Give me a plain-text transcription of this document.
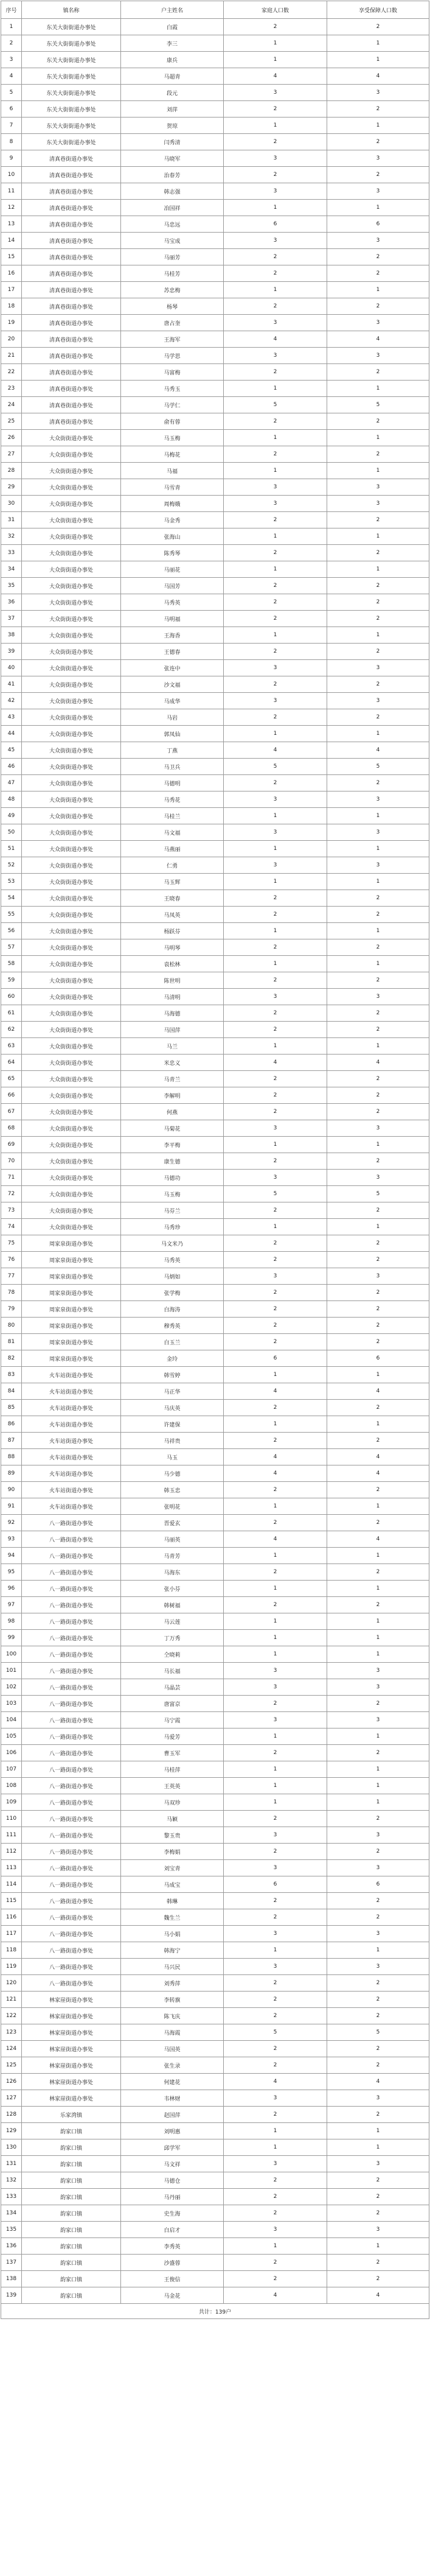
序号	镇名称	户主姓名	家庭人口数	享受保障人口数
1	东关大街街道办事处	白霞	2	2
2	东关大街街道办事处	李三	1	1
3	东关大街街道办事处	康兵	1	1
4	东关大街街道办事处	马超青	4	4
5	东关大街街道办事处	段元	3	3
6	东关大街街道办事处	刘萍	2	2
7	东关大街街道办事处	贺琼	1	1
8	东关大街街道办事处	闫秀清	2	2
9	清真巷街道办事处	马晓军	3	3
10	清真巷街道办事处	治春芳	2	2
11	清真巷街道办事处	韩志强	3	3
12	清真巷街道办事处	冶国祥	1	1
13	清真巷街道办事处	马忠远	6	6
14	清真巷街道办事处	马宝成	3	3
15	清真巷街道办事处	马丽芳	2	2
16	清真巷街道办事处	马桂芳	2	2
17	清真巷街道办事处	苏忠梅	1	1
18	清真巷街道办事处	杨琴	2	2
19	清真巷街道办事处	唐占奎	3	3
20	清真巷街道办事处	王海军	4	4
21	清真巷街道办事处	马学思	3	3
22	清真巷街道办事处	马富梅	2	2
23	清真巷街道办事处	马秀玉	1	1
24	清真巷街道办事处	马学仁	5	5
25	清真巷街道办事处	俞有蓉	2	2
26	大众街街道办事处	马玉梅	1	1
27	大众街街道办事处	马梅花	2	2
28	大众街街道办事处	马福	1	1
29	大众街街道办事处	马雪青	3	3
30	大众街街道办事处	周梅娥	3	3
31	大众街街道办事处	马金秀	2	2
32	大众街街道办事处	张海山	1	1
33	大众街街道办事处	陈秀琴	2	2
34	大众街街道办事处	马丽花	1	1
35	大众街街道办事处	马国芳	2	2
36	大众街街道办事处	马秀英	2	2
37	大众街街道办事处	马明福	2	2
38	大众街街道办事处	王海香	1	1
39	大众街街道办事处	王德春	2	2
40	大众街街道办事处	张连中	3	3
41	大众街街道办事处	沙文福	2	2
42	大众街街道办事处	马成华	3	3
43	大众街街道办事处	马岩	2	2
44	大众街街道办事处	郭凤仙	1	1
45	大众街街道办事处	丁燕	4	4
46	大众街街道办事处	马卫兵	5	5
47	大众街街道办事处	马德明	2	2
48	大众街街道办事处	马秀花	3	3
49	大众街街道办事处	马桂兰	1	1
50	大众街街道办事处	马文福	3	3
51	大众街街道办事处	马燕丽	1	1
52	大众街街道办事处	仁勇	3	3
53	大众街街道办事处	马玉辉	1	1
54	大众街街道办事处	王晓春	2	2
55	大众街街道办事处	马凤英	2	2
56	大众街街道办事处	杨跃芬	1	1
57	大众街街道办事处	马明琴	2	2
58	大众街街道办事处	袁松林	1	1
59	大众街街道办事处	陈世明	2	2
60	大众街街道办事处	马清明	3	3
61	大众街街道办事处	马海德	2	2
62	大众街街道办事处	马国萍	2	2
63	大众街街道办事处	马兰	1	1
64	大众街街道办事处	米忠义	4	4
65	大众街街道办事处	马青兰	2	2
66	大众街街道办事处	李解明	2	2
67	大众街街道办事处	何燕	2	2
68	大众街街道办事处	马菊花	3	3
69	大众街街道办事处	李平梅	1	1
70	大众街街道办事处	康生德	2	2
71	大众街街道办事处	马德功	3	3
72	大众街街道办事处	马玉梅	5	5
73	大众街街道办事处	马芬兰	2	2
74	大众街街道办事处	马秀珍	1	1
75	周家泉街道办事处	马文米乃	2	2
76	周家泉街道办事处	马秀英	2	2
77	周家泉街道办事处	马炳如	3	3
78	周家泉街道办事处	张学梅	2	2
79	周家泉街道办事处	白海涛	2	2
80	周家泉街道办事处	穆秀英	2	2
81	周家泉街道办事处	白玉兰	2	2
82	周家泉街道办事处	金玲	6	6
83	火车站街道办事处	韩雪婷	1	1
84	火车站街道办事处	马正华	4	4
85	火车站街道办事处	马庆英	2	2
86	火车站街道办事处	许建保	1	1
87	火车站街道办事处	马祥贵	2	2
88	火车站街道办事处	马玉	4	4
89	火车站街道办事处	马少德	4	4
90	火车站街道办事处	韩玉忠	2	2
91	火车站街道办事处	张明花	1	1
92	八一路街道办事处	晋爱玄	2	2
93	八一路街道办事处	马丽英	4	4
94	八一路街道办事处	马青芳	1	1
95	八一路街道办事处	马海东	2	2
96	八一路街道办事处	张小芬	1	1
97	八一路街道办事处	韩树福	2	2
98	八一路街道办事处	马云莲	1	1
99	八一路街道办事处	丁万秀	1	1
100	八一路街道办事处	仝晓莉	1	1
101	八一路街道办事处	马长福	3	3
102	八一路街道办事处	马晶芸	3	3
103	八一路街道办事处	唐富京	2	2
104	八一路街道办事处	马宁霞	3	3
105	八一路街道办事处	马爱芳	1	1
106	八一路街道办事处	曹玉军	2	2
107	八一路街道办事处	马桂萍	1	1
108	八一路街道办事处	王英英	1	1
109	八一路街道办事处	马双珍	1	1
110	八一路街道办事处	马颖	2	2
111	八一路街道办事处	黎玉贵	3	3
112	八一路街道办事处	李梅娟	2	2
113	八一路街道办事处	刘宝青	3	3
114	八一路街道办事处	马成宝	6	6
115	八一路街道办事处	韩琳	2	2
116	八一路街道办事处	魏生兰	2	2
117	八一路街道办事处	马小娟	3	3
118	八一路街道办事处	韩海宁	1	1
119	八一路街道办事处	马兴民	3	3
120	八一路街道办事处	刘秀萍	2	2
121	林家崖街道办事处	李转旗	2	2
122	林家崖街道办事处	陈飞庆	2	2
123	林家崖街道办事处	马海霞	5	5
124	林家崖街道办事处	马国英	2	2
125	林家崖街道办事处	张生录	2	2
126	林家崖街道办事处	何建花	4	4
127	林家崖街道办事处	韦林财	3	3
128	乐家湾镇	赵国萍	2	2
129	韵家口镇	刘明惠	1	1
130	韵家口镇	邱学军	1	1
131	韵家口镇	马文祥	3	3
132	韵家口镇	马德仓	2	2
133	韵家口镇	马丹丽	2	2
134	韵家口镇	史生海	2	2
135	韵家口镇	白启才	3	3
136	韵家口镇	李秀英	1	1
137	韵家口镇	沙盛蓉	2	2
138	韵家口镇	王俊信	2	2
139	韵家口镇	马金花	4	4
共计：139户				
